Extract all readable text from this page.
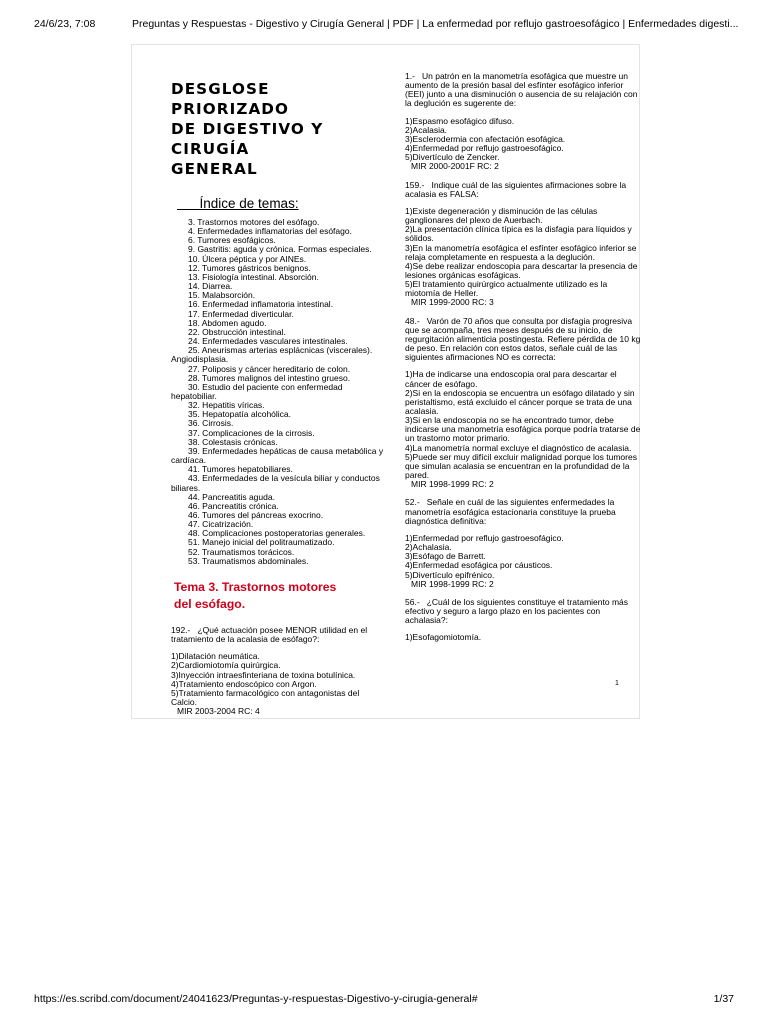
24/6/23, 7:08	Preguntas y Respuestas - Digestivo y Cirugía General | PDF | La enfermedad por reflujo gastroesofágico | Enfermedades digesti...
DESGLOSE PRIORIZADO
DE DIGESTIVO Y CIRUGÍA
GENERAL
Índice de temas:

3. Trastornos motores del esófago.

4. Enfermedades inflamatorias del esófago.

6. Tumores esofágicos.

9. Gastritis: aguda y crónica. Formas especiales.

10. Úlcera péptica y por AINEs.

12. Tumores gástricos benignos.

13. Fisiología intestinal. Absorción.

14. Diarrea.

15. Malabsorción.

16. Enfermedad inflamatoria intestinal.

17. Enfermedad diverticular.

18. Abdomen agudo.

22. Obstrucción intestinal.

24. Enfermedades vasculares intestinales.

25. Aneurismas arterias esplácnicas (viscerales). Angiodisplasia.

27. Poliposis y cáncer hereditario de colon.

28. Tumores malignos del intestino grueso.

30. Estudio del paciente con enfermedad hepatobiliar.

32. Hepatitis víricas.

35. Hepatopatía alcohólica.

36. Cirrosis.

37. Complicaciones de la cirrosis.

38. Colestasis crónicas.

39. Enfermedades hepáticas de causa metabólica y cardíaca.

41. Tumores hepatobiliares.

43. Enfermedades de la vesícula biliar y conductos biliares.

44. Pancreatitis aguda.

46. Pancreatitis crónica.

46. Tumores del páncreas exocrino.

47. Cicatrización.

48. Complicaciones postoperatorias generales.

51. Manejo inicial del politraumatizado.

52. Traumatismos torácicos.

53. Traumatismos abdominales.

Tema 3. Trastornos motores
del esófago.

192.-   ¿Qué actuación posee MENOR utilidad en el tratamiento de la acalasia de esófago?:

1)Dilatación neumática.

2)Cardiomiotomía quirúrgica.

3)Inyección intraesfinteriana de toxina botulínica.

4)Tratamiento endoscópico con Argon.

5)Tratamiento farmacológico con antagonistas del Calcio.

MIR 2003-2004 RC: 4

1.-   Un patrón en la manometría esofágica que muestre un aumento de la presión basal del esfínter esofágico inferior (EEI) junto a una disminución o ausencia de su relajación con la deglución es sugerente de:

1)Espasmo esofágico difuso.

2)Acalasia.

3)Esclerodermia con afectación esofágica.

4)Enfermedad por reflujo gastroesofágico.

5)Divertículo de Zencker.

MIR 2000-2001F RC: 2

159.-   Indique cuál de las siguientes afirmaciones sobre la acalasia es FALSA:

1)Existe degeneración y disminución de las células ganglionares del plexo de Auerbach.

2)La presentación clínica típica es la disfagia para líquidos y sólidos.

3)En la manometría esofágica el esfínter esofágico inferior se relaja completamente en respuesta a la deglución.

4)Se debe realizar endoscopia para descartar la presencia de lesiones orgánicas esofágicas.

5)El tratamiento quirúrgico actualmente utilizado es la miotomía de Heller.

MIR 1999-2000 RC: 3

48.-   Varón de 70 años que consulta por disfagia progresiva que se acompaña, tres meses después de su inicio, de regurgitación alimenticia postingesta. Refiere pérdida de 10 kg de peso. En relación con estos datos, señale cuál de las siguientes afirmaciones NO es correcta:

1)Ha de indicarse una endoscopia oral para descartar el cáncer de esófago.

2)Si en la endoscopia se encuentra un esófago dilatado y sin peristaltismo, está excluido el cáncer porque se trata de una acalasia.

3)Si en la endoscopia no se ha encontrado tumor, debe indicarse una manometría esofágica porque podría tratarse de un trastorno motor primario.

4)La manometría normal excluye el diagnóstico de acalasia.

5)Puede ser muy difícil excluir malignidad porque los tumores que simulan acalasia se encuentran en la profundidad de la pared.

MIR 1998-1999 RC: 2

52.-   Señale en cuál de las siguientes enfermedades la manometría esofágica estacionaria constituye la prueba diagnóstica definitiva:

1)Enfermedad por reflujo gastroesofágico.

2)Achalasia.

3)Esófago de Barrett.

4)Enfermedad esofágica por cáusticos.

5)Divertículo epifrénico.

MIR 1998-1999 RC: 2

56.-   ¿Cuál de los siguientes constituye el tratamiento más efectivo y seguro a largo plazo en los pacientes con achalasia?:

1)Esofagomiotomía.

1
https://es.scribd.com/document/24041623/Preguntas-y-respuestas-Digestivo-y-cirugia-general#	1/37
